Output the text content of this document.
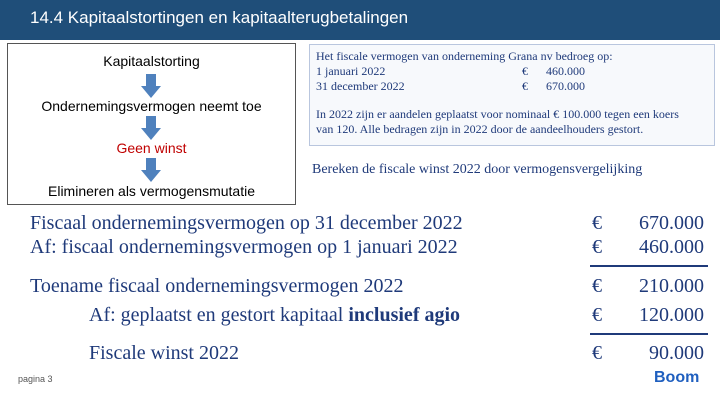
14.4 Kapitaalstortingen en kapitaalterugbetalingen
Kapitaalstorting
Ondernemingsvermogen neemt toe
Geen winst
Elimineren als vermogensmutatie
Het fiscale vermogen van onderneming Grana nv bedroeg op:
1 januari 2022	€ 460.000
31 december 2022	€ 670.000
In 2022 zijn er aandelen geplaatst voor nominaal € 100.000 tegen een koers
van 120. Alle bedragen zijn in 2022 door de aandeelhouders gestort.
Bereken de fiscale winst 2022 door vermogensvergelijking
Fiscaal ondernemingsvermogen op 31 december 2022	€	670.000
Af: fiscaal ondernemingsvermogen op 1 januari 2022	€	460.000
Toename fiscaal ondernemingsvermogen 2022	€	210.000
Af: geplaatst en gestort kapitaal inclusief agio	€	120.000
Fiscale winst 2022	€	90.000
pagina 3	Boom
